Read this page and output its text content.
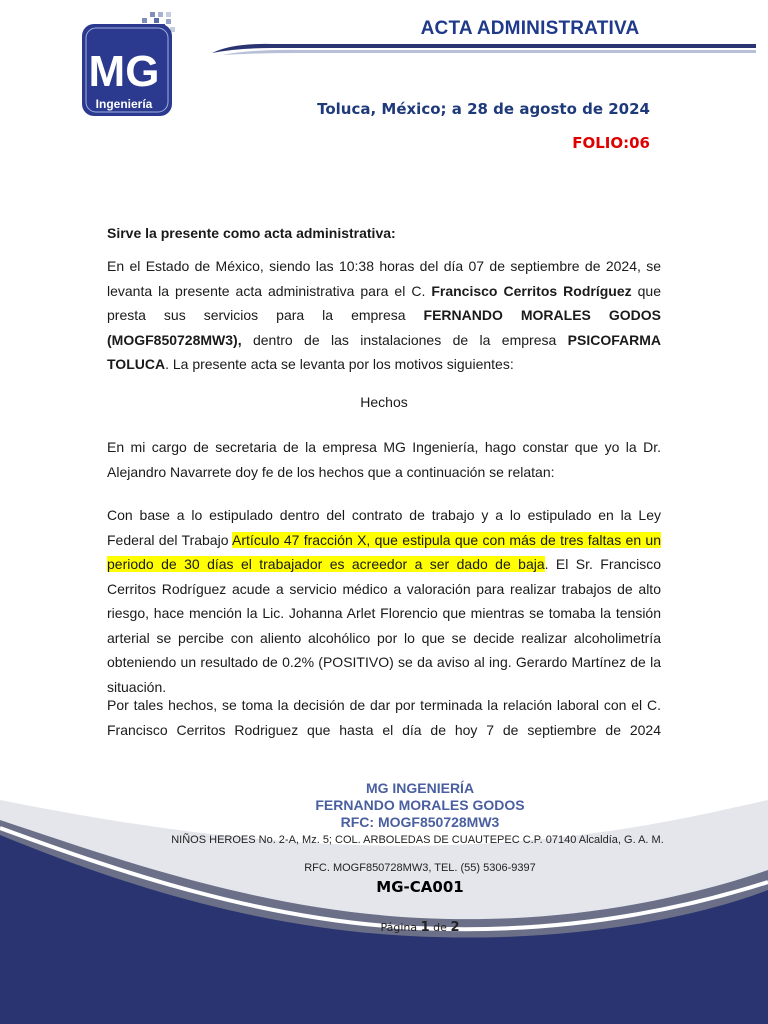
MG
Ingeniería
ACTA ADMINISTRATIVA
Toluca, México; a 28 de agosto de 2024
FOLIO:06
Sirve la presente como acta administrativa:
En el Estado de México, siendo las 10:38 horas del día 07 de septiembre de 2024, se levanta la presente acta administrativa para el C. Francisco Cerritos Rodríguez que presta sus servicios para la empresa FERNANDO MORALES GODOS (MOGF850728MW3), dentro de las instalaciones de la empresa PSICOFARMA TOLUCA. La presente acta se levanta por los motivos siguientes:
Hechos
En mi cargo de secretaria de la empresa MG Ingeniería, hago constar que yo la Dr. Alejandro Navarrete doy fe de los hechos que a continuación se relatan:
Con base a lo estipulado dentro del contrato de trabajo y a lo estipulado en la Ley Federal del Trabajo Artículo 47 fracción X, que estipula que con más de tres faltas en un periodo de 30 días el trabajador es acreedor a ser dado de baja. El Sr. Francisco Cerritos Rodríguez acude a servicio médico a valoración para realizar trabajos de alto riesgo, hace mención la Lic. Johanna Arlet Florencio que mientras se tomaba la tensión arterial se percibe con aliento alcohólico por lo que se decide realizar alcoholimetría obteniendo un resultado de 0.2% (POSITIVO) se da aviso al ing. Gerardo Martínez de la situación.
Por tales hechos, se toma la decisión de dar por terminada la relación laboral con el C. Francisco Cerritos Rodriguez que hasta el día de hoy 7 de septiembre de 2024
MG INGENIERÍA
FERNANDO MORALES GODOS
RFC: MOGF850728MW3
NIÑOS HEROES No. 2-A, Mz. 5; COL. ARBOLEDAS DE CUAUTEPEC C.P. 07140 Alcaldía, G. A. M.
RFC. MOGF850728MW3, TEL. (55) 5306-9397
MG-CA001
Página 1 de 2
